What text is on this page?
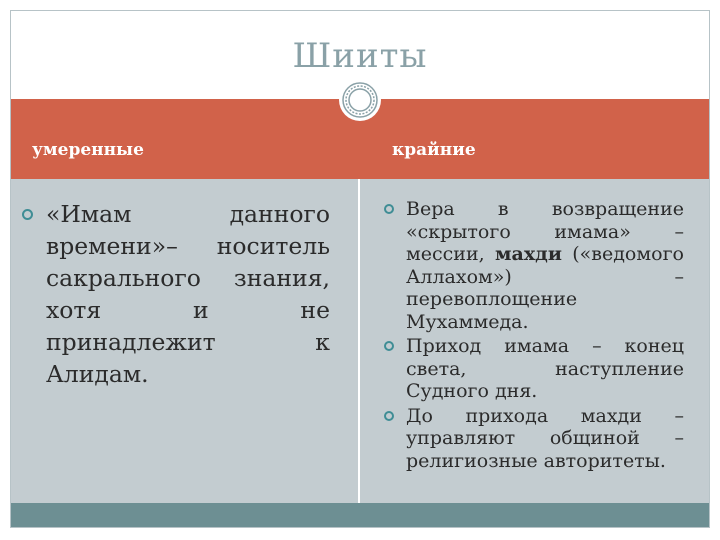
Шииты
умеренные	крайние
«Имам данного времени»– носитель сакрального знания, хотя и не принадлежит к Алидам.
Вера в возвращение «скрытого имама» – мессии, махди («ведомого Аллахом») – перевоплощение Мухаммеда.
Приход имама – конец света, наступление Судного дня.
До прихода махди – управляют общиной – религиозные авторитеты.
